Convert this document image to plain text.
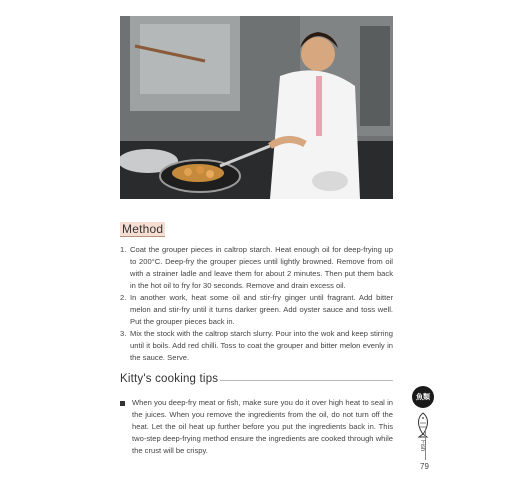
Method
1. Coat the grouper pieces in caltrop starch. Heat enough oil for deep-frying up to 200°C. Deep-fry the grouper pieces until lightly browned. Remove from oil with a strainer ladle and leave them for about 2 minutes. Then put them back in the hot oil to fry for 30 seconds. Remove and drain excess oil.
2. In another work, heat some oil and stir-fry ginger until fragrant. Add bitter melon and stir-fry until it turns darker green. Add oyster sauce and toss well. Put the grouper pieces back in.
3. Mix the stock with the caltrop starch slurry. Pour into the wok and keep stirring until it boils. Add red chilli. Toss to coat the grouper and bitter melon evenly in the sauce. Serve.
Kitty's cooking tips

When you deep-fry meat or fish, make sure you do it over high heat to seal in the juices. When you remove the ingredients from the oil, do not turn off the heat. Let the oil heat up further before you put the ingredients back in. This two-step deep-frying method ensure the ingredients are cooked through while the crust will be crispy.

魚類
Fish
79
